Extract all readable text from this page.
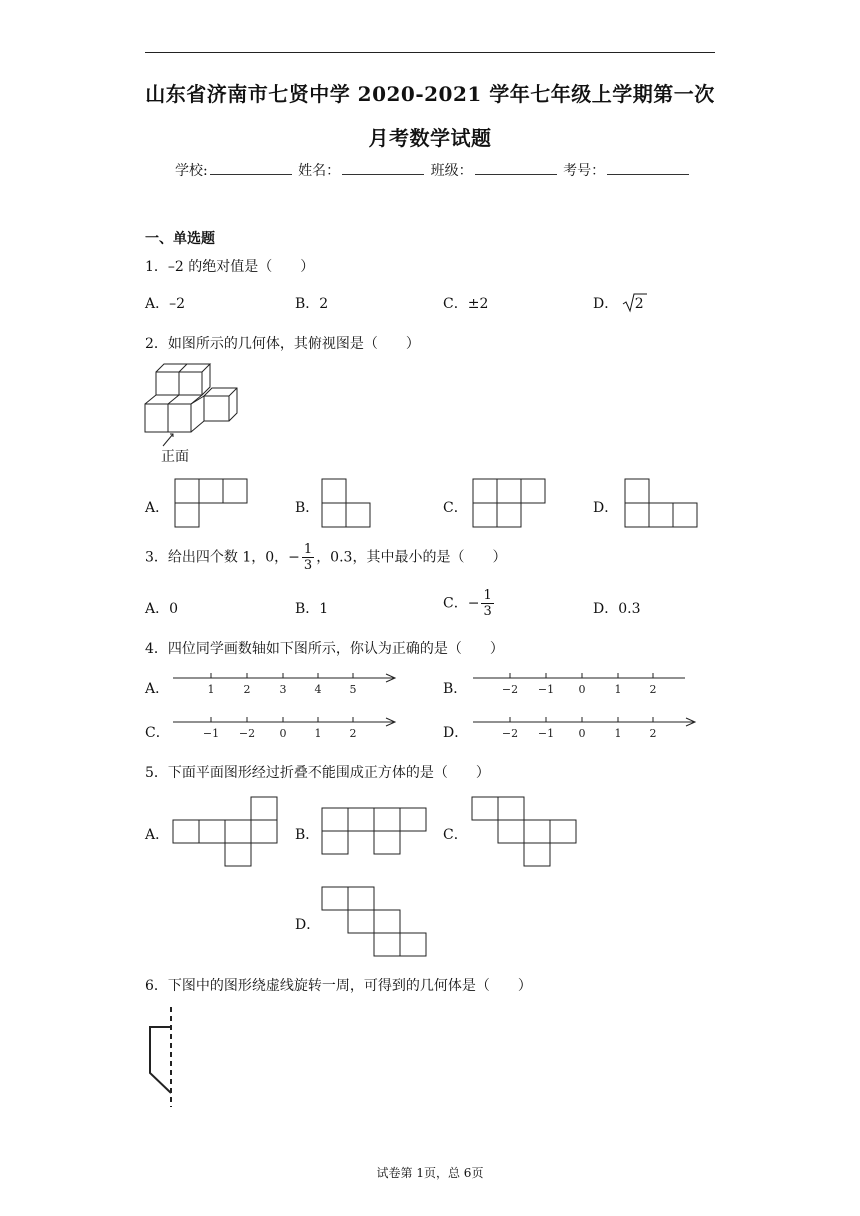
山东省济南市七贤中学 2020-2021 学年七年级上学期第一次
月考数学试题
学校:	姓名：	班级：	考号：
一、单选题
1．–2 的绝对值是（　　）
A．–2	B．2	C．±2	D． 2
2．如图所示的几何体，其俯视图是（　　）
正面
A．	B．	C．	D．
3．给出四个数 1，0，− $\frac{1}{3}$ ，0.3，其中最小的是（　　）
A．0	B．1	C．− $\frac{1}{3}$	D．0.3
4．四位同学画数轴如下图所示，你认为正确的是（　　）
A．	B．
C．	D．
1	2	3	4	5	−2 −1 0	1	2
−1 −2 0	1	2	−2 −1 0	1	2
5．下面平面图形经过折叠不能围成正方体的是（　　）
A．	B．	C．
D．
6．下图中的图形绕虚线旋转一周，可得到的几何体是（　　）
试卷第 1页，总 6页
